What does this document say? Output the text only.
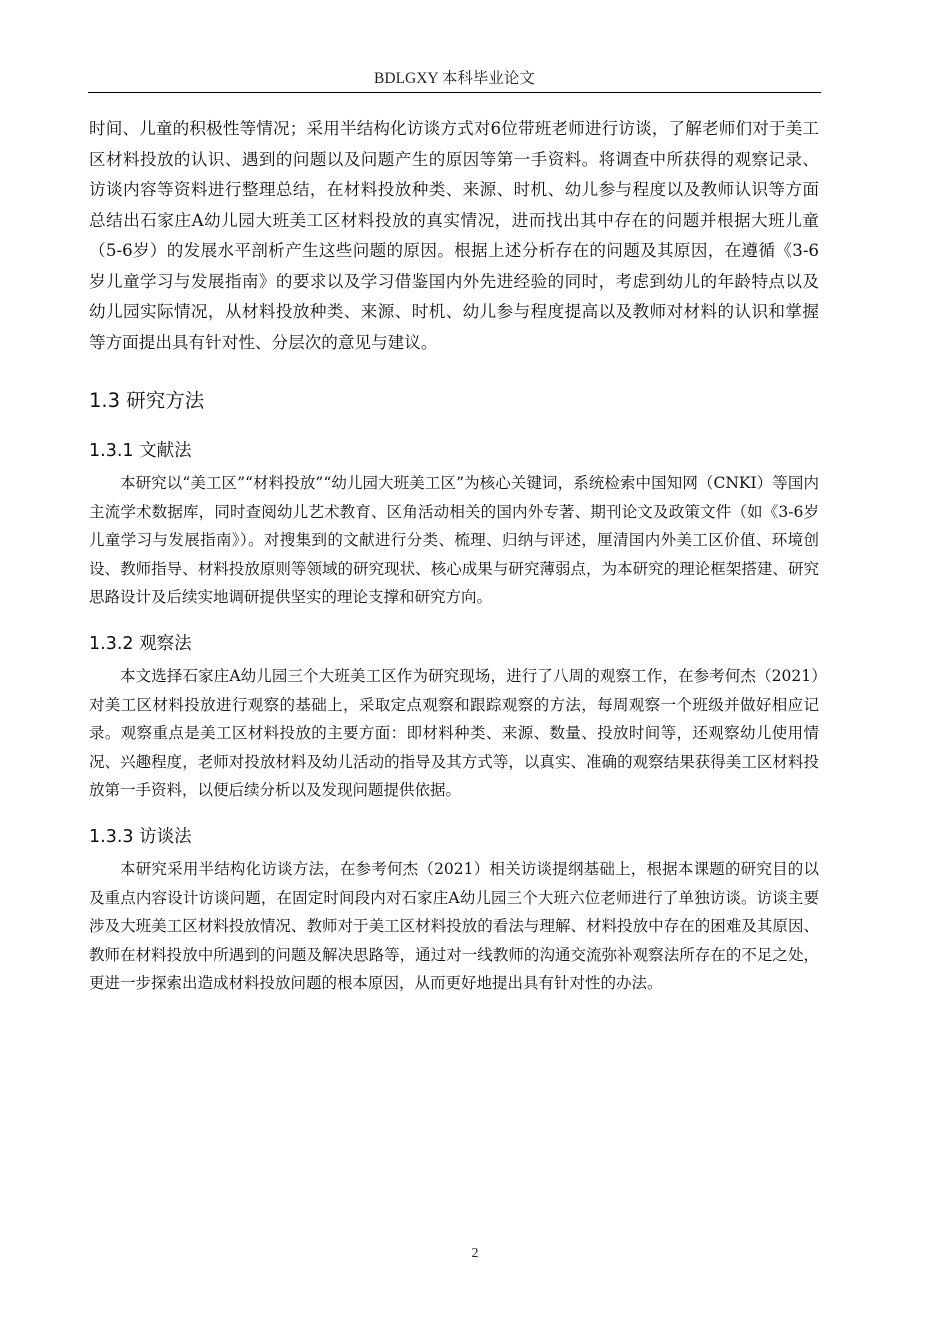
BDLGXY 本科毕业论文

时间、儿童的积极性等情况；采用半结构化访谈方式对6位带班老师进行访谈，了解老师们对于美工区材料投放的认识、遇到的问题以及问题产生的原因等第一手资料。将调查中所获得的观察记录、访谈内容等资料进行整理总结，在材料投放种类、来源、时机、幼儿参与程度以及教师认识等方面总结出石家庄A幼儿园大班美工区材料投放的真实情况，进而找出其中存在的问题并根据大班儿童（5-6岁）的发展水平剖析产生这些问题的原因。根据上述分析存在的问题及其原因，在遵循《3-6岁儿童学习与发展指南》的要求以及学习借鉴国内外先进经验的同时，考虑到幼儿的年龄特点以及幼儿园实际情况，从材料投放种类、来源、时机、幼儿参与程度提高以及教师对材料的认识和掌握等方面提出具有针对性、分层次的意见与建议。

1.3 研究方法
1.3.1 文献法

本研究以“美工区”“材料投放”“幼儿园大班美工区”为核心关键词，系统检索中国知网（CNKI）等国内主流学术数据库，同时查阅幼儿艺术教育、区角活动相关的国内外专著、期刊论文及政策文件（如《3-6岁儿童学习与发展指南》）。对搜集到的文献进行分类、梳理、归纳与评述，厘清国内外美工区价值、环境创设、教师指导、材料投放原则等领域的研究现状、核心成果与研究薄弱点，为本研究的理论框架搭建、研究思路设计及后续实地调研提供坚实的理论支撑和研究方向。

1.3.2 观察法

本文选择石家庄A幼儿园三个大班美工区作为研究现场，进行了八周的观察工作，在参考何杰（2021）对美工区材料投放进行观察的基础上，采取定点观察和跟踪观察的方法，每周观察一个班级并做好相应记录。观察重点是美工区材料投放的主要方面：即材料种类、来源、数量、投放时间等，还观察幼儿使用情况、兴趣程度，老师对投放材料及幼儿活动的指导及其方式等，以真实、准确的观察结果获得美工区材料投放第一手资料，以便后续分析以及发现问题提供依据。

1.3.3 访谈法

本研究采用半结构化访谈方法，在参考何杰（2021）相关访谈提纲基础上，根据本课题的研究目的以及重点内容设计访谈问题，在固定时间段内对石家庄A幼儿园三个大班六位老师进行了单独访谈。访谈主要涉及大班美工区材料投放情况、教师对于美工区材料投放的看法与理解、材料投放中存在的困难及其原因、教师在材料投放中所遇到的问题及解决思路等，通过对一线教师的沟通交流弥补观察法所存在的不足之处，更进一步探索出造成材料投放问题的根本原因，从而更好地提出具有针对性的办法。

2
